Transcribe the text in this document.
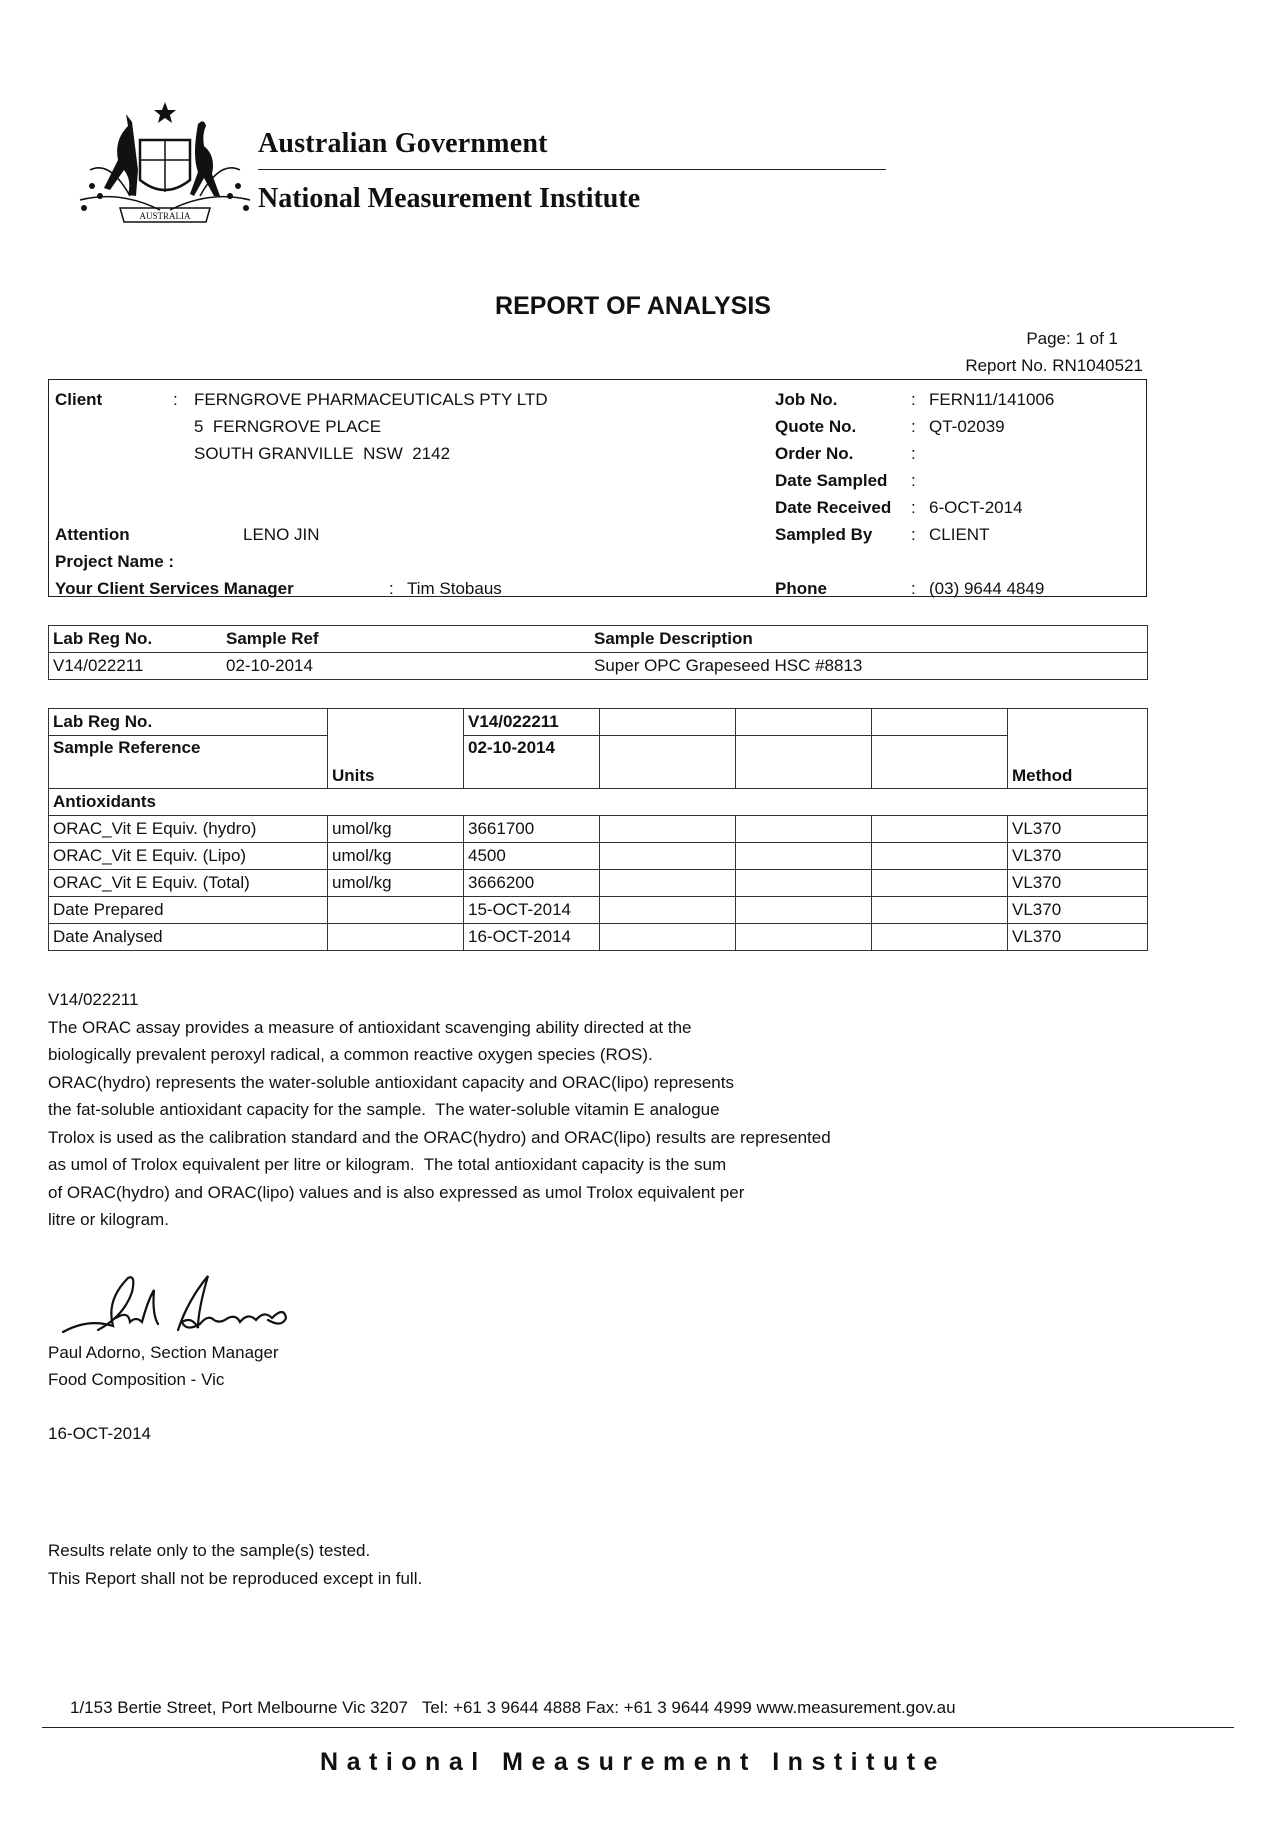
AUSTRALIA
Australian Government
National Measurement Institute
REPORT OF ANALYSIS
Page: 1 of 1
Report No. RN1040521
Client	: FERNGROVE PHARMACEUTICALS PTY LTD
5  FERNGROVE PLACE
SOUTH GRANVILLE  NSW  2142
Attention	LENO JIN
Project Name :
Your Client Services Manager	: Tim Stobaus
Job No.	: FERN11/141006
Quote No.	: QT-02039
Order No.	:
Date Sampled :
Date Received : 6-OCT-2014
Sampled By : CLIENT
Phone	: (03) 9644 4849
Lab Reg No.	Sample Ref	Sample Description
V14/022211	02-10-2014	Super OPC Grapeseed HSC #8813
Lab Reg No.	Units	V14/022211				Method
Sample Reference		02-10-2014				
Antioxidants						
ORAC_Vit E Equiv. (hydro)	umol/kg	3661700				VL370
ORAC_Vit E Equiv. (Lipo)	umol/kg	4500				VL370
ORAC_Vit E Equiv. (Total)	umol/kg	3666200				VL370
Date Prepared		15-OCT-2014				VL370
Date Analysed		16-OCT-2014				VL370
V14/022211
The ORAC assay provides a measure of antioxidant scavenging ability directed at the
biologically prevalent peroxyl radical, a common reactive oxygen species (ROS).
ORAC(hydro) represents the water-soluble antioxidant capacity and ORAC(lipo) represents
the fat-soluble antioxidant capacity for the sample.  The water-soluble vitamin E analogue
Trolox is used as the calibration standard and the ORAC(hydro) and ORAC(lipo) results are represented
as umol of Trolox equivalent per litre or kilogram.  The total antioxidant capacity is the sum
of ORAC(hydro) and ORAC(lipo) values and is also expressed as umol Trolox equivalent per
litre or kilogram.
Paul Adorno, Section Manager
Food Composition - Vic
16-OCT-2014
Results relate only to the sample(s) tested.
This Report shall not be reproduced except in full.
1/153 Bertie Street, Port Melbourne Vic 3207   Tel: +61 3 9644 4888 Fax: +61 3 9644 4999 www.measurement.gov.au
National Measurement Institute
